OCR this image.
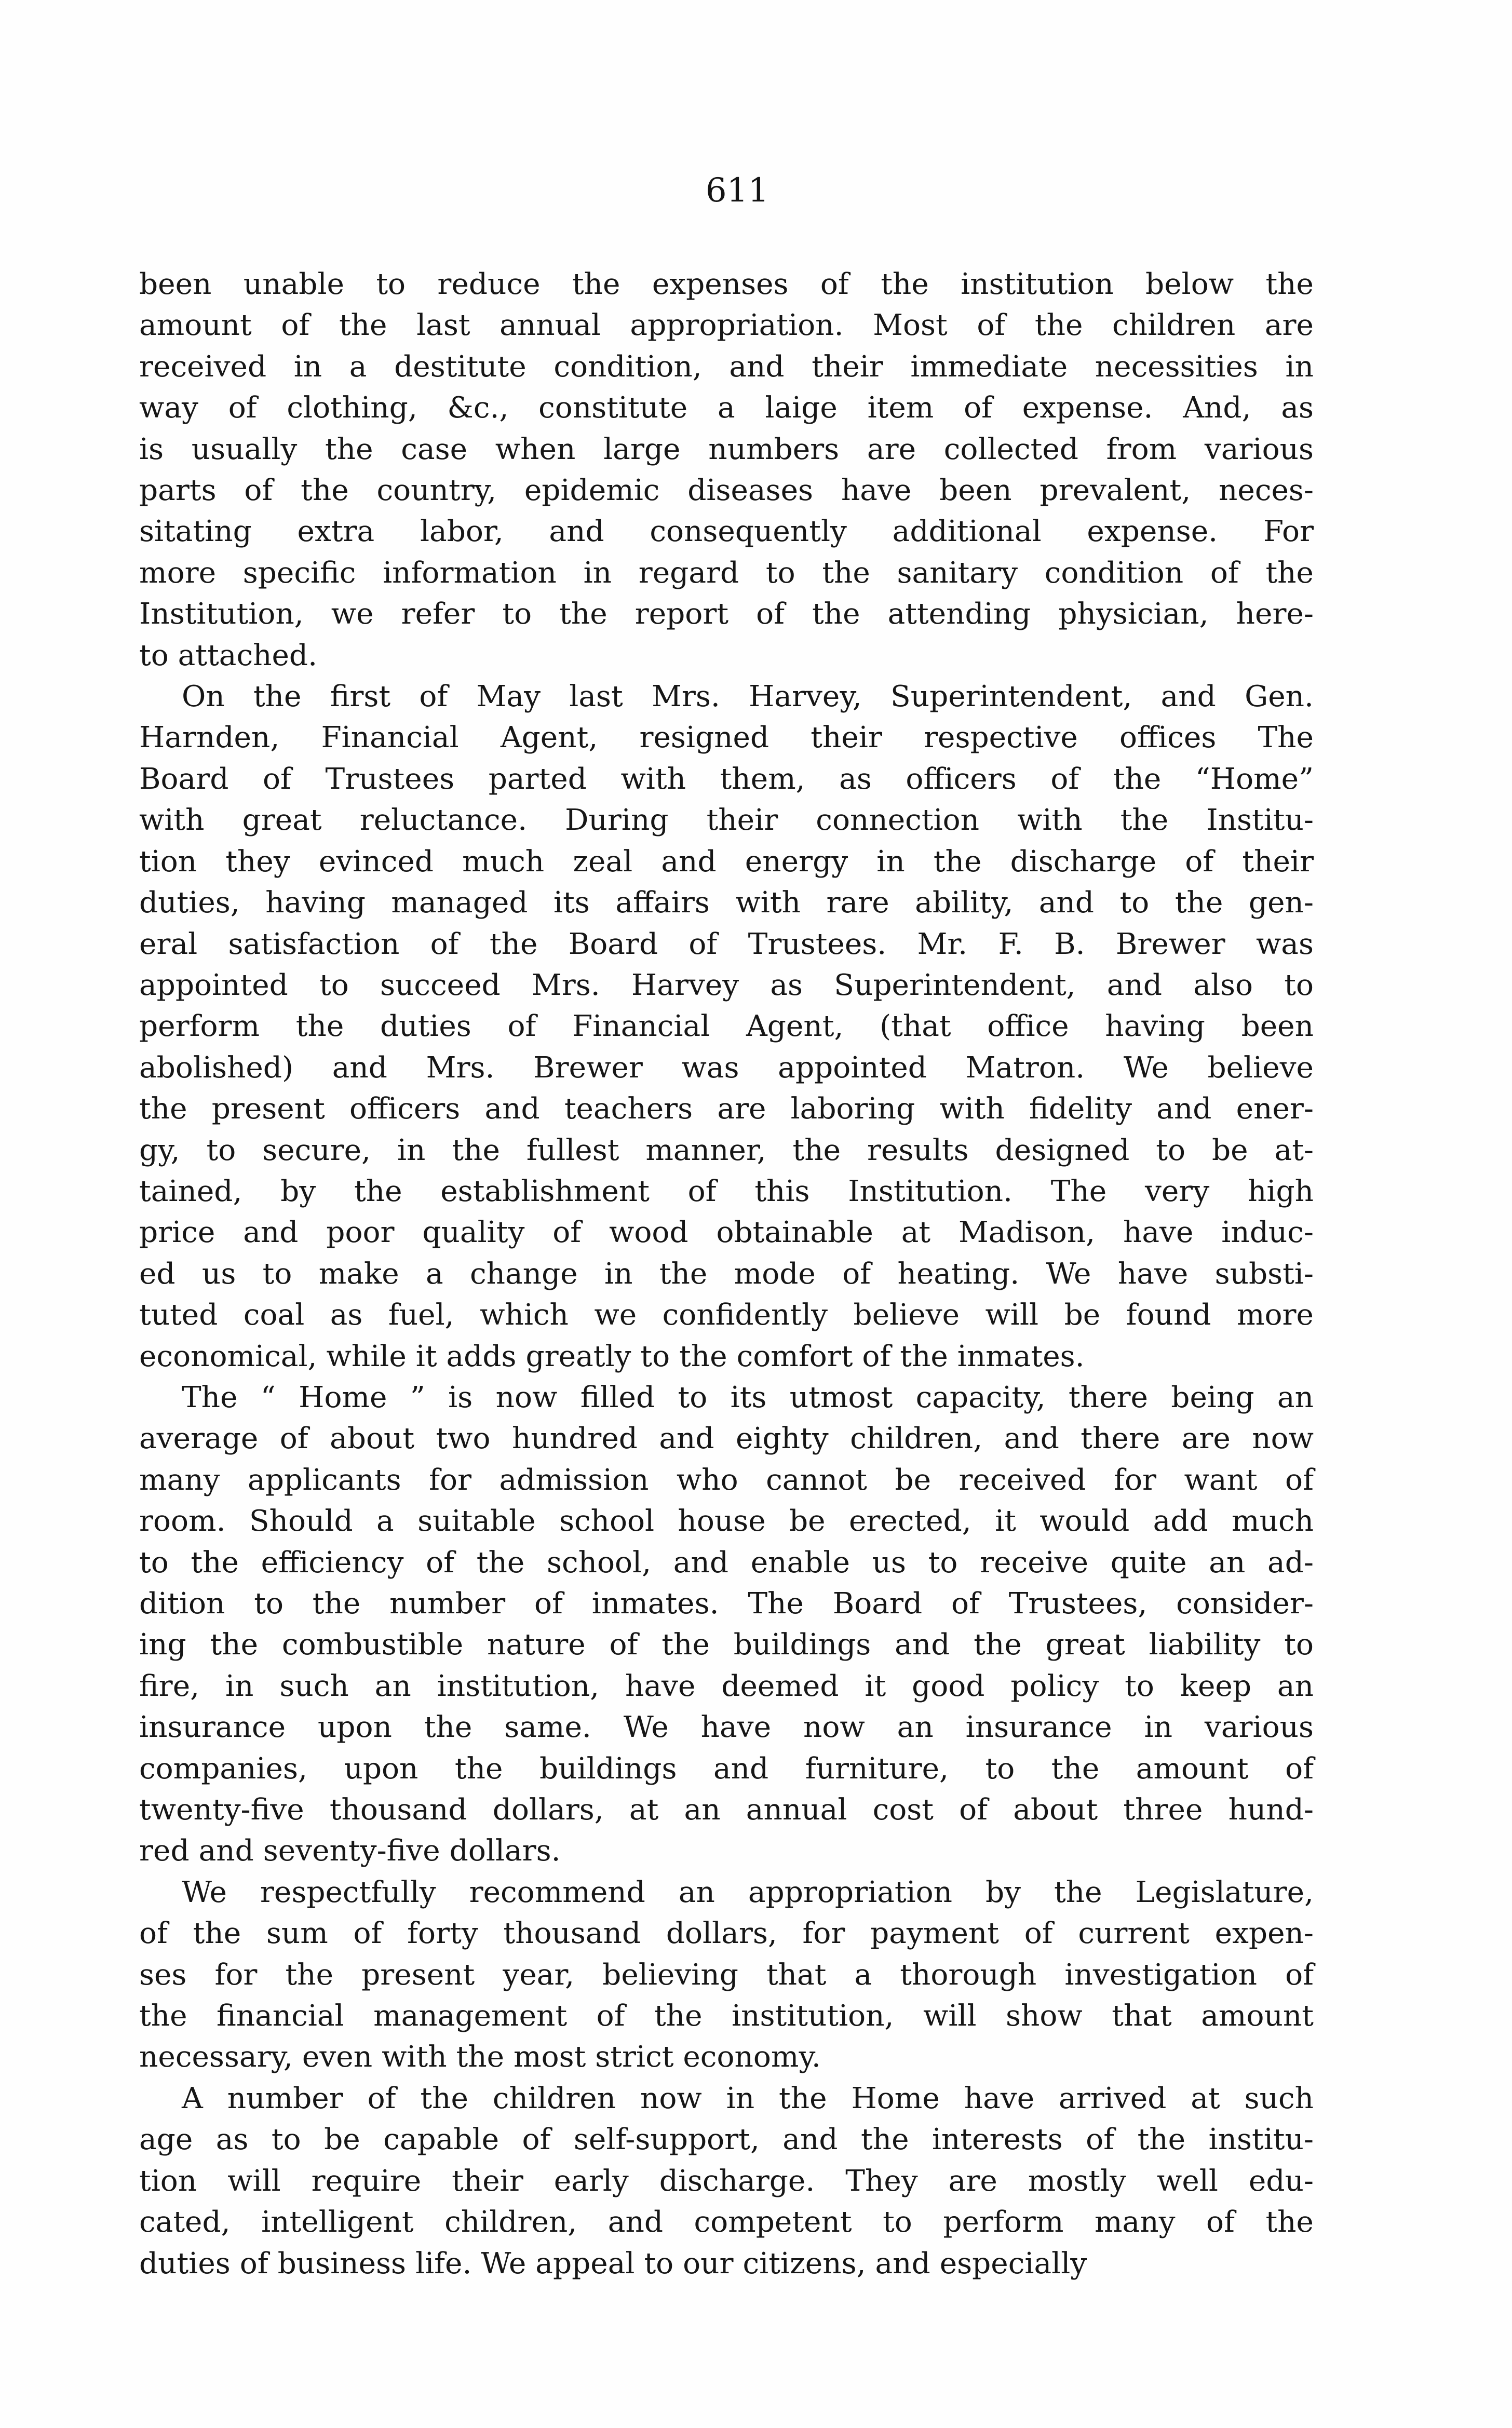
611

been unable to reduce the expenses of the institution below the
amount of the last annual appropriation. Most of the children are
received in a destitute condition, and their immediate necessities in
way of clothing, &c., constitute a laige item of expense. And, as
is usually the case when large numbers are collected from various
parts of the country, epidemic diseases have been prevalent, neces-
sitating extra labor, and consequently additional expense. For
more specific information in regard to the sanitary condition of the
Institution, we refer to the report of the attending physician, here-
to attached.

On the first of May last Mrs. Harvey, Superintendent, and Gen.
Harnden, Financial Agent, resigned their respective offices The
Board of Trustees parted with them, as officers of the “Home”
with great reluctance. During their connection with the Institu-
tion they evinced much zeal and energy in the discharge of their
duties, having managed its affairs with rare ability, and to the gen-
eral satisfaction of the Board of Trustees. Mr. F. B. Brewer was
appointed to succeed Mrs. Harvey as Superintendent, and also to
perform the duties of Financial Agent, (that office having been
abolished) and Mrs. Brewer was appointed Matron. We believe
the present officers and teachers are laboring with fidelity and ener-
gy, to secure, in the fullest manner, the results designed to be at-
tained, by the establishment of this Institution. The very high
price and poor quality of wood obtainable at Madison, have induc-
ed us to make a change in the mode of heating. We have substi-
tuted coal as fuel, which we confidently believe will be found more
economical, while it adds greatly to the comfort of the inmates.

The “ Home ” is now filled to its utmost capacity, there being an
average of about two hundred and eighty children, and there are now
many applicants for admission who cannot be received for want of
room. Should a suitable school house be erected, it would add much
to the efficiency of the school, and enable us to receive quite an ad-
dition to the number of inmates. The Board of Trustees, consider-
ing the combustible nature of the buildings and the great liability to
fire, in such an institution, have deemed it good policy to keep an
insurance upon the same. We have now an insurance in various
companies, upon the buildings and furniture, to the amount of
twenty-five thousand dollars, at an annual cost of about three hund-
red and seventy-five dollars.

We respectfully recommend an appropriation by the Legislature,
of the sum of forty thousand dollars, for payment of current expen-
ses for the present year, believing that a thorough investigation of
the financial management of the institution, will show that amount
necessary, even with the most strict economy.

A number of the children now in the Home have arrived at such
age as to be capable of self-support, and the interests of the institu-
tion will require their early discharge. They are mostly well edu-
cated, intelligent children, and competent to perform many of the
duties of business life. We appeal to our citizens, and especially
